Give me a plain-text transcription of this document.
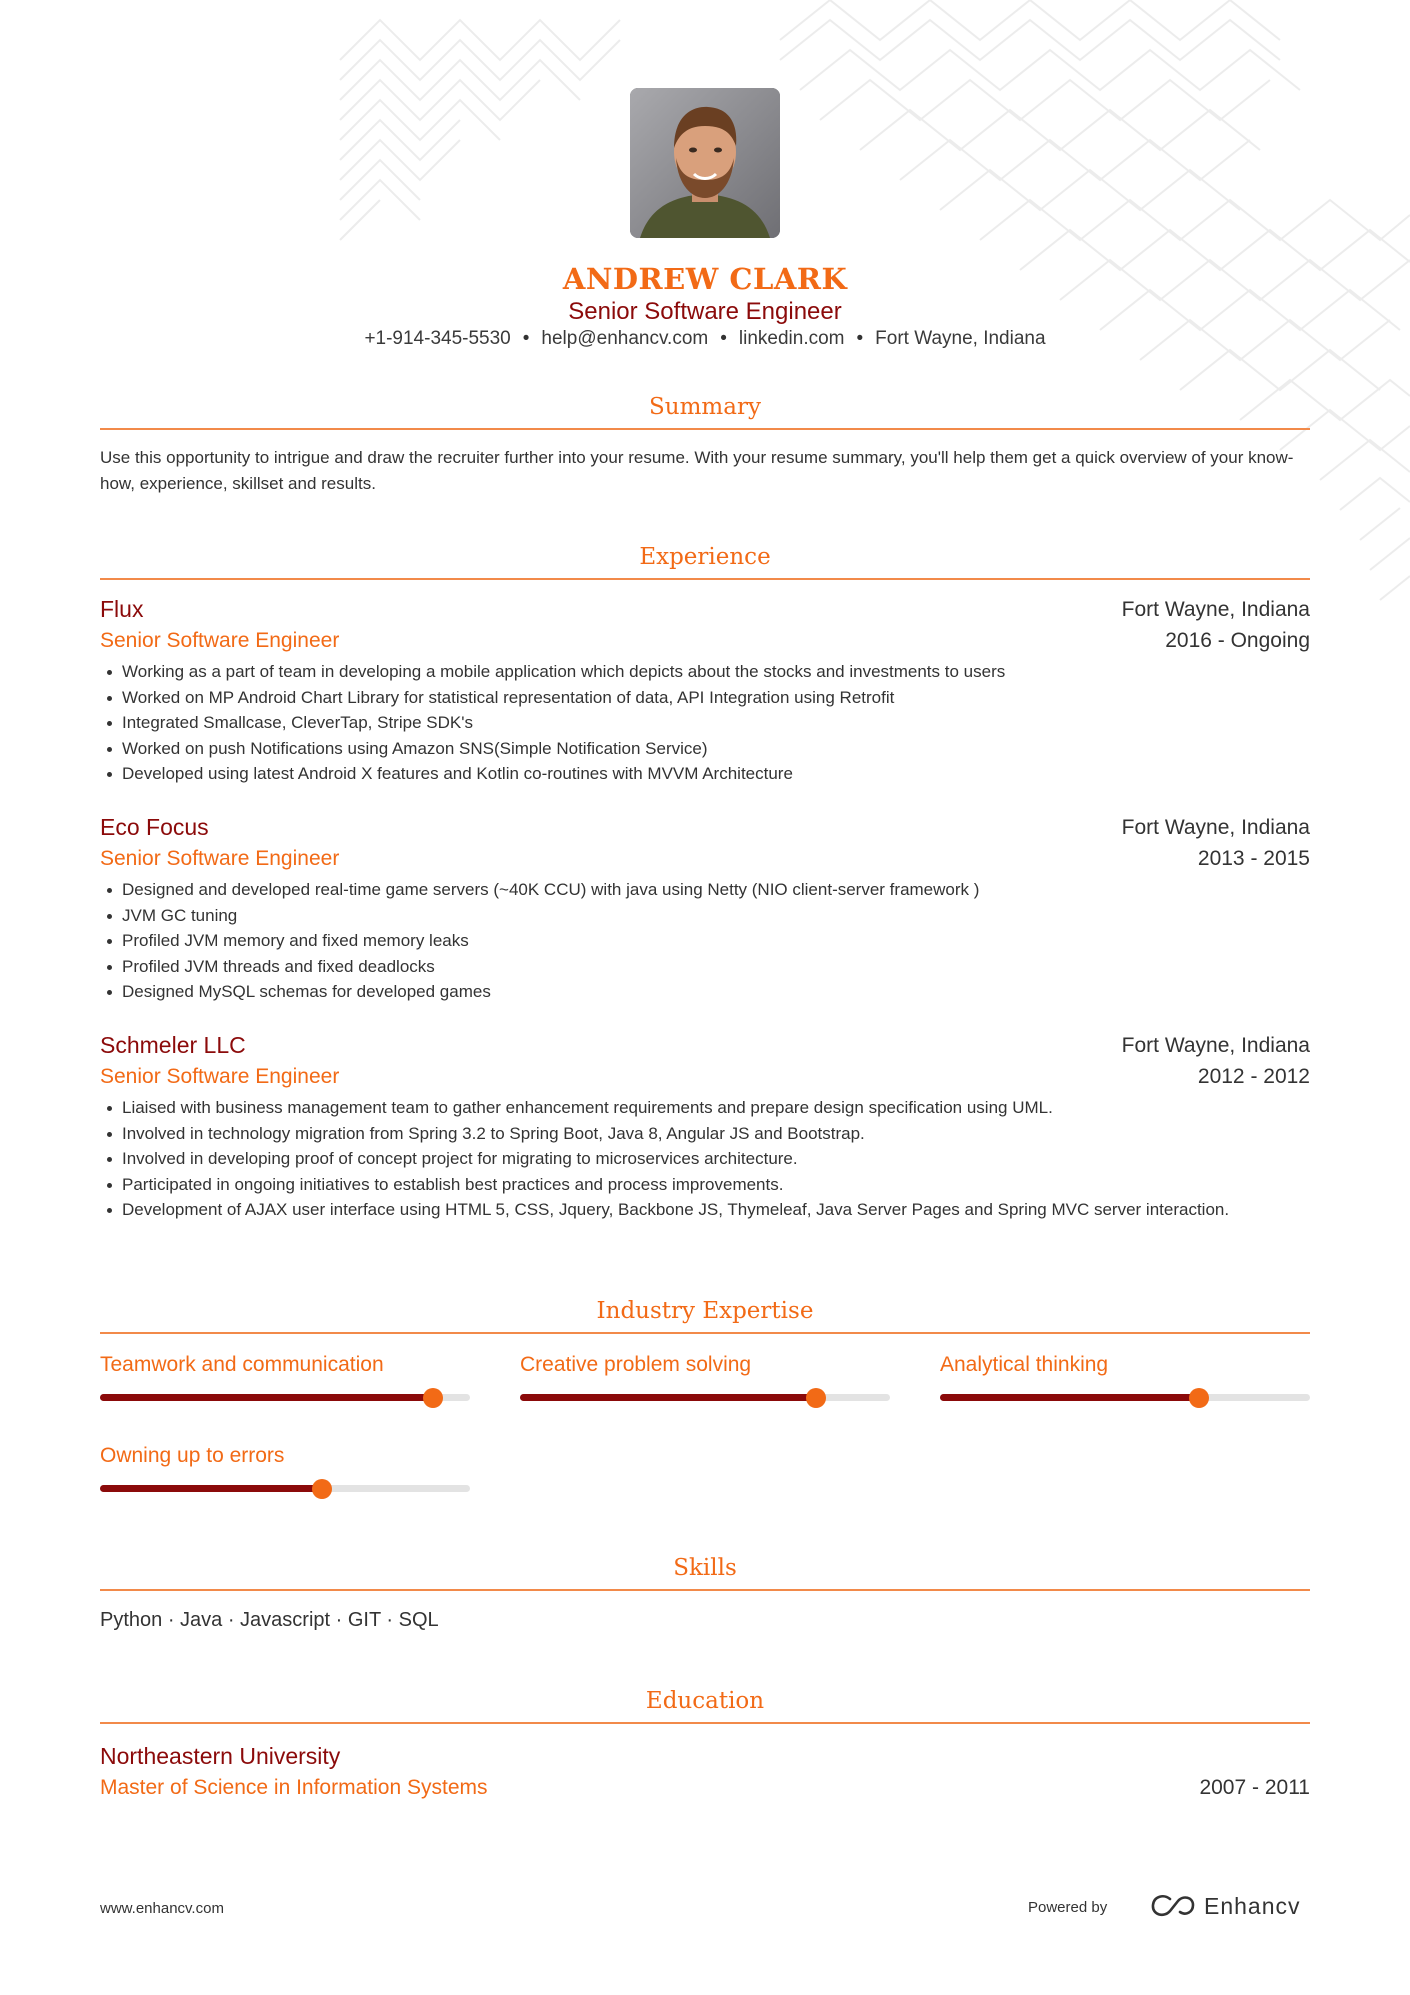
ANDREW CLARK
Senior Software Engineer
+1-914-345-5530 • help@enhancv.com • linkedin.com • Fort Wayne, Indiana
Summary
Use this opportunity to intrigue and draw the recruiter further into your resume. With your resume summary, you'll help them get a quick overview of your know-how, experience, skillset and results.
Experience
Flux	Fort Wayne, Indiana
Senior Software Engineer	2016 - Ongoing
Working as a part of team in developing a mobile application which depicts about the stocks and investments to users
Worked on MP Android Chart Library for statistical representation of data, API Integration using Retrofit
Integrated Smallcase, CleverTap, Stripe SDK's
Worked on push Notifications using Amazon SNS(Simple Notification Service)
Developed using latest Android X features and Kotlin co-routines with MVVM Architecture
Eco Focus	Fort Wayne, Indiana
Senior Software Engineer	2013 - 2015
Designed and developed real-time game servers (~40K CCU) with java using Netty (NIO client-server framework )
JVM GC tuning
Profiled JVM memory and fixed memory leaks
Profiled JVM threads and fixed deadlocks
Designed MySQL schemas for developed games
Schmeler LLC	Fort Wayne, Indiana
Senior Software Engineer	2012 - 2012
Liaised with business management team to gather enhancement requirements and prepare design specification using UML.
Involved in technology migration from Spring 3.2 to Spring Boot, Java 8, Angular JS and Bootstrap.
Involved in developing proof of concept project for migrating to microservices architecture.
Participated in ongoing initiatives to establish best practices and process improvements.
Development of AJAX user interface using HTML 5, CSS, Jquery, Backbone JS, Thymeleaf, Java Server Pages and Spring MVC server interaction.
Industry Expertise
Teamwork and communication	Creative problem solving	Analytical thinking
Owning up to errors
Skills
Python · Java · Javascript · GIT · SQL
Education
Northeastern University
Master of Science in Information Systems	2007 - 2011
www.enhancv.com	Powered by	Enhancv
